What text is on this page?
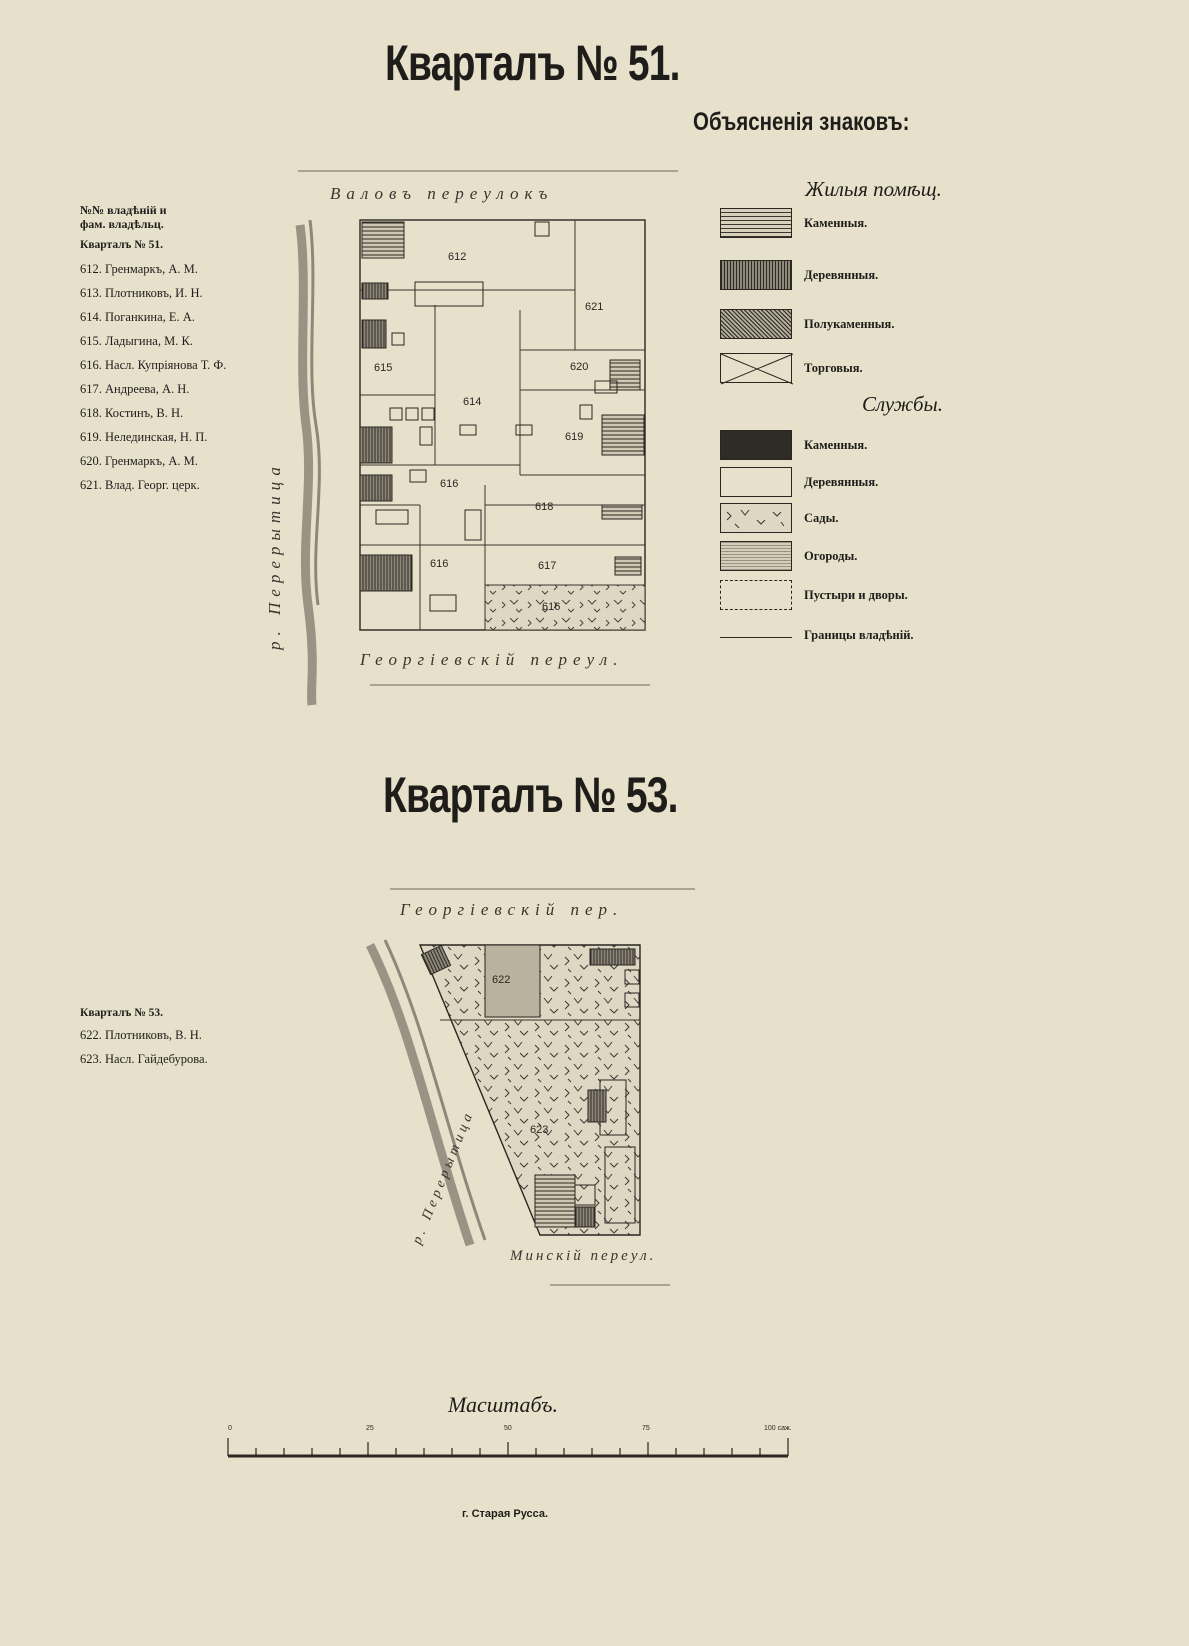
Кварталъ № 51.
Объясненія знаковъ:
№№ владѣній и
фам. владѣльц.
Кварталъ № 51.
612. Гренмаркъ, А. М.
613. Плотниковъ, И. Н.
614. Поганкина, Е. А.
615. Ладыгина, М. К.
616. Насл. Купріянова Т. Ф.
617. Андреева, А. Н.
618. Костинъ, В. Н.
619. Нелединская, Н. П.
620. Гренмаркъ, А. М.
621. Влад. Георг. церк.
Валовъ переулокъ
Георгіевскій переул.
р. Перерытица
612
621
615
614
620
619
616
618
616	617
616
Жилыя помѣщ.
Каменныя.
Деревянныя.
Полукаменныя.
Торговыя.
Службы.
Каменныя.
Деревянныя.
Сады.
Огороды.
Пустыри и дворы.
Границы владѣній.
Кварталъ № 53.
Кварталъ № 53.
622. Плотниковъ, В. Н.
623. Насл. Гайдебурова.
Георгіевскій пер.
Минскій переул.
р. Перерытица
622
623
Масштабъ.
0	25	50	75	100 саж.
г. Старая Русса.
